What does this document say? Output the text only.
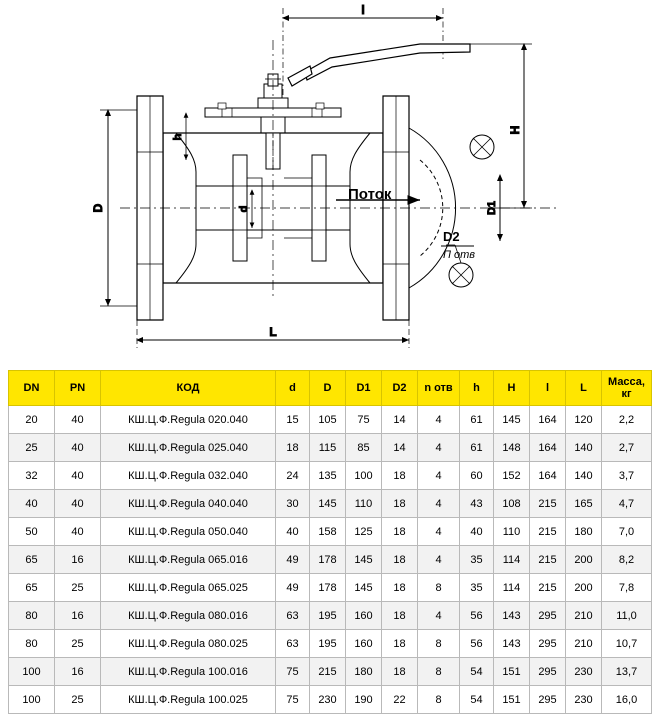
l
H
D1
D	d
h
L
Поток
D2
П отв
DN	PN	КОД	d	D	D1	D2	n отв	h	H	l	L	Масса,
кг

20	40	КШ.Ц.Ф.Regula 020.040	15	105	75	14	4	61	145	164	120	2,2
25	40	КШ.Ц.Ф.Regula 025.040	18	115	85	14	4	61	148	164	140	2,7
32	40	КШ.Ц.Ф.Regula 032.040	24	135	100	18	4	60	152	164	140	3,7
40	40	КШ.Ц.Ф.Regula 040.040	30	145	110	18	4	43	108	215	165	4,7
50	40	КШ.Ц.Ф.Regula 050.040	40	158	125	18	4	40	110	215	180	7,0
65	16	КШ.Ц.Ф.Regula 065.016	49	178	145	18	4	35	114	215	200	8,2
65	25	КШ.Ц.Ф.Regula 065.025	49	178	145	18	8	35	114	215	200	7,8
80	16	КШ.Ц.Ф.Regula 080.016	63	195	160	18	4	56	143	295	210	11,0
80	25	КШ.Ц.Ф.Regula 080.025	63	195	160	18	8	56	143	295	210	10,7
100	16	КШ.Ц.Ф.Regula 100.016	75	215	180	18	8	54	151	295	230	13,7
100	25	КШ.Ц.Ф.Regula 100.025	75	230	190	22	8	54	151	295	230	16,0
